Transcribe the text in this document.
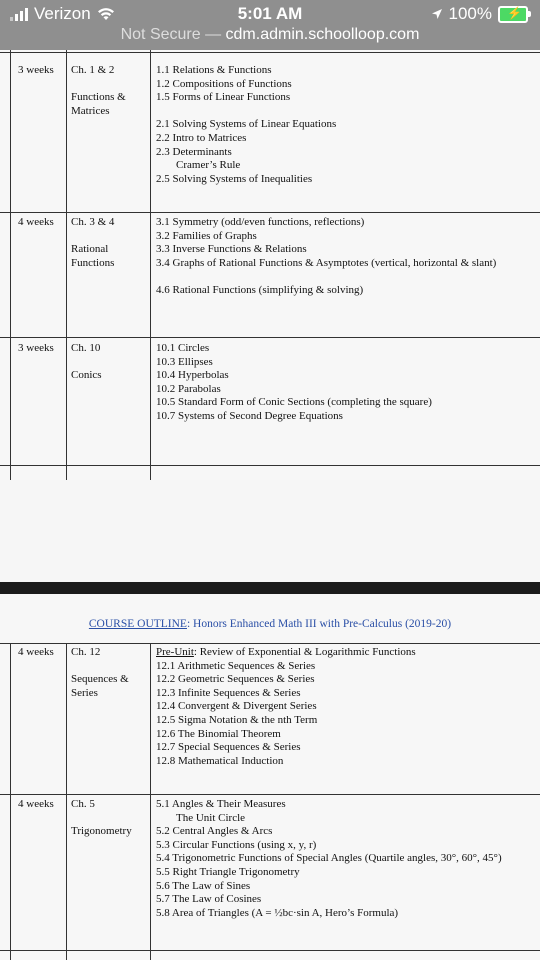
Verizon	5:01 AM	100% ⚡
Not Secure — cdm.admin.schoolloop.com
3 weeks Ch. 1 & 2
Functions &
Matrices
1.1 Relations & Functions
1.2 Compositions of Functions
1.5 Forms of Linear Functions
2.1 Solving Systems of Linear Equations
2.2 Intro to Matrices
2.3 Determinants
Cramer’s Rule
2.5 Solving Systems of Inequalities
4 weeks Ch. 3 & 4
Rational
Functions
3.1 Symmetry (odd/even functions, reflections)
3.2 Families of Graphs
3.3 Inverse Functions & Relations
3.4 Graphs of Rational Functions & Asymptotes (vertical, horizontal & slant)
4.6 Rational Functions (simplifying & solving)
3 weeks Ch. 10
Conics
10.1 Circles
10.3 Ellipses
10.4 Hyperbolas
10.2 Parabolas
10.5 Standard Form of Conic Sections (completing the square)
10.7 Systems of Second Degree Equations
COURSE OUTLINE: Honors Enhanced Math III with Pre-Calculus (2019-20)
4 weeks Ch. 12
Sequences &
Series
Pre-Unit: Review of Exponential & Logarithmic Functions
12.1 Arithmetic Sequences & Series
12.2 Geometric Sequences & Series
12.3 Infinite Sequences & Series
12.4 Convergent & Divergent Series
12.5 Sigma Notation & the nth Term
12.6 The Binomial Theorem
12.7 Special Sequences & Series
12.8 Mathematical Induction
4 weeks Ch. 5
Trigonometry
5.1 Angles & Their Measures
The Unit Circle
5.2 Central Angles & Arcs
5.3 Circular Functions (using x, y, r)
5.4 Trigonometric Functions of Special Angles (Quartile angles, 30°, 60°, 45°)
5.5 Right Triangle Trigonometry
5.6 The Law of Sines
5.7 The Law of Cosines
5.8 Area of Triangles (A = ½bc·sin A, Hero’s Formula)
